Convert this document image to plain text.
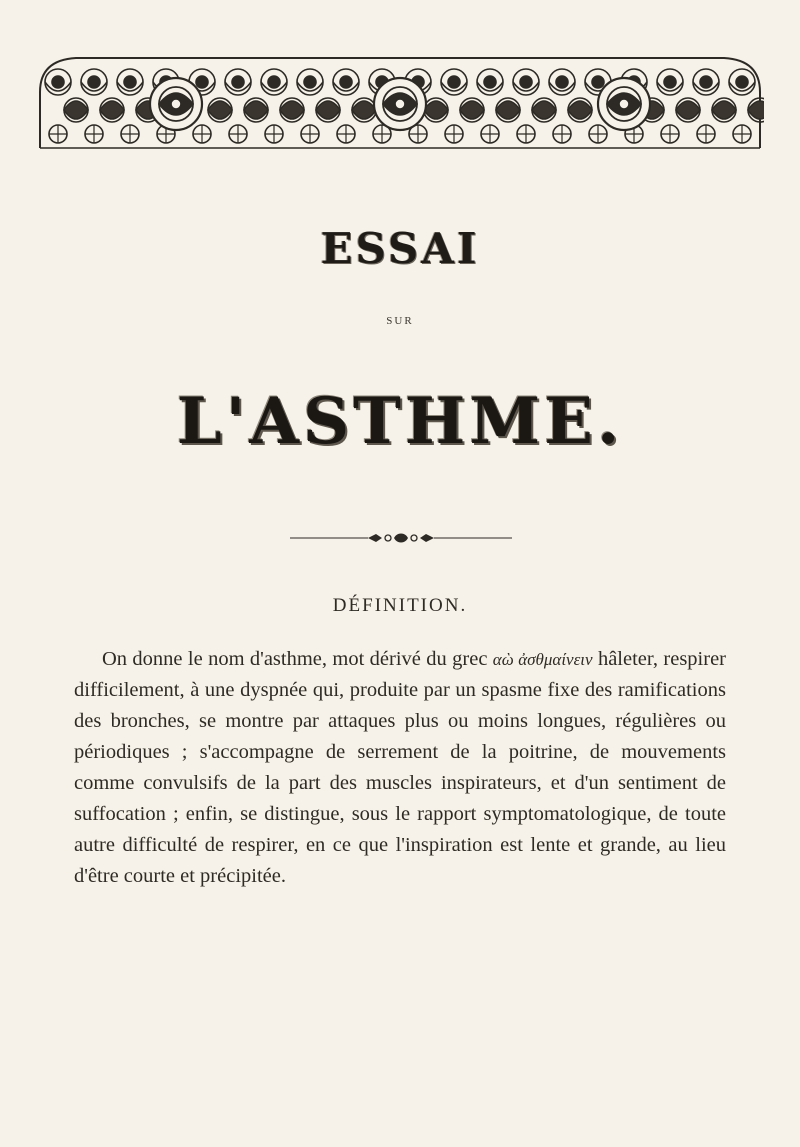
ESSAI
SUR
L'ASTHME.
DÉFINITION.

On donne le nom d'asthme, mot dérivé du grec αὼ ἀσθμαίνειν hâleter, respirer difficilement, à une dyspnée qui, produite par un spasme fixe des ramifications des bronches, se montre par attaques plus ou moins longues, régulières ou périodiques ; s'accompagne de serrement de la poitrine, de mouvements comme convulsifs de la part des muscles inspirateurs, et d'un sentiment de suffocation ; enfin, se distingue, sous le rapport symptomatologique, de toute autre difficulté de respirer, en ce que l'inspiration est lente et grande, au lieu d'être courte et précipitée.
